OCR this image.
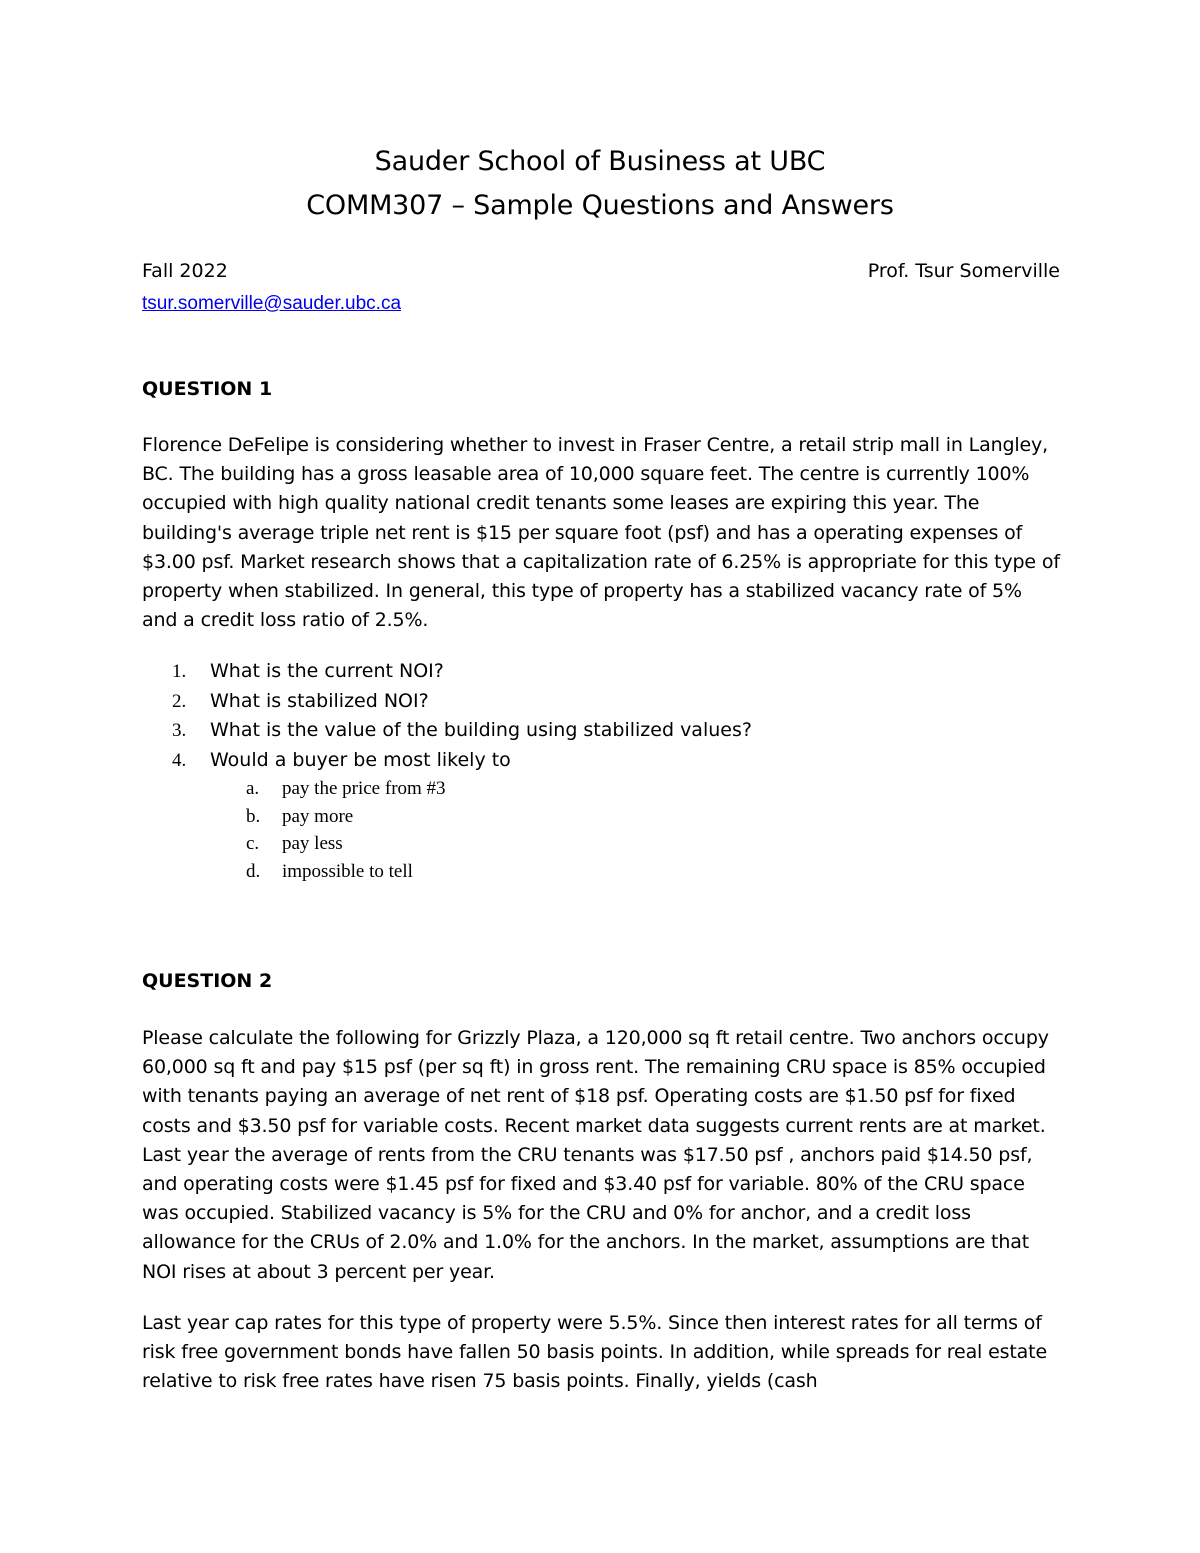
Sauder School of Business at UBC
COMM307 – Sample Questions and Answers
Fall 2022	Prof. Tsur Somerville
tsur.somerville@sauder.ubc.ca
QUESTION 1

Florence DeFelipe is considering whether to invest in Fraser Centre, a retail strip mall in Langley, BC. The building has a gross leasable area of 10,000 square feet. The centre is currently 100% occupied with high quality national credit tenants some leases are expiring this year. The building's average triple net rent is $15 per square foot (psf) and has a operating expenses of $3.00 psf. Market research shows that a capitalization rate of 6.25% is appropriate for this type of property when stabilized. In general, this type of property has a stabilized vacancy rate of 5% and a credit loss ratio of 2.5%.

1. What is the current NOI?
2. What is stabilized NOI?
3. What is the value of the building using stabilized values?
4. Would a buyer be most likely to
a. pay the price from #3
b. pay more
c. pay less
d. impossible to tell
QUESTION 2

Please calculate the following for Grizzly Plaza, a 120,000 sq ft retail centre. Two anchors occupy 60,000 sq ft and pay $15 psf (per sq ft) in gross rent. The remaining CRU space is 85% occupied with tenants paying an average of net rent of $18 psf. Operating costs are $1.50 psf for fixed costs and $3.50 psf for variable costs. Recent market data suggests current rents are at market. Last year the average of rents from the CRU tenants was $17.50 psf , anchors paid $14.50 psf, and operating costs were $1.45 psf for fixed and $3.40 psf for variable. 80% of the CRU space was occupied. Stabilized vacancy is 5% for the CRU and 0% for anchor, and a credit loss allowance for the CRUs of 2.0% and 1.0% for the anchors. In the market, assumptions are that NOI rises at about 3 percent per year.

Last year cap rates for this type of property were 5.5%. Since then interest rates for all terms of risk free government bonds have fallen 50 basis points. In addition, while spreads for real estate relative to risk free rates have risen 75 basis points. Finally, yields (cash
